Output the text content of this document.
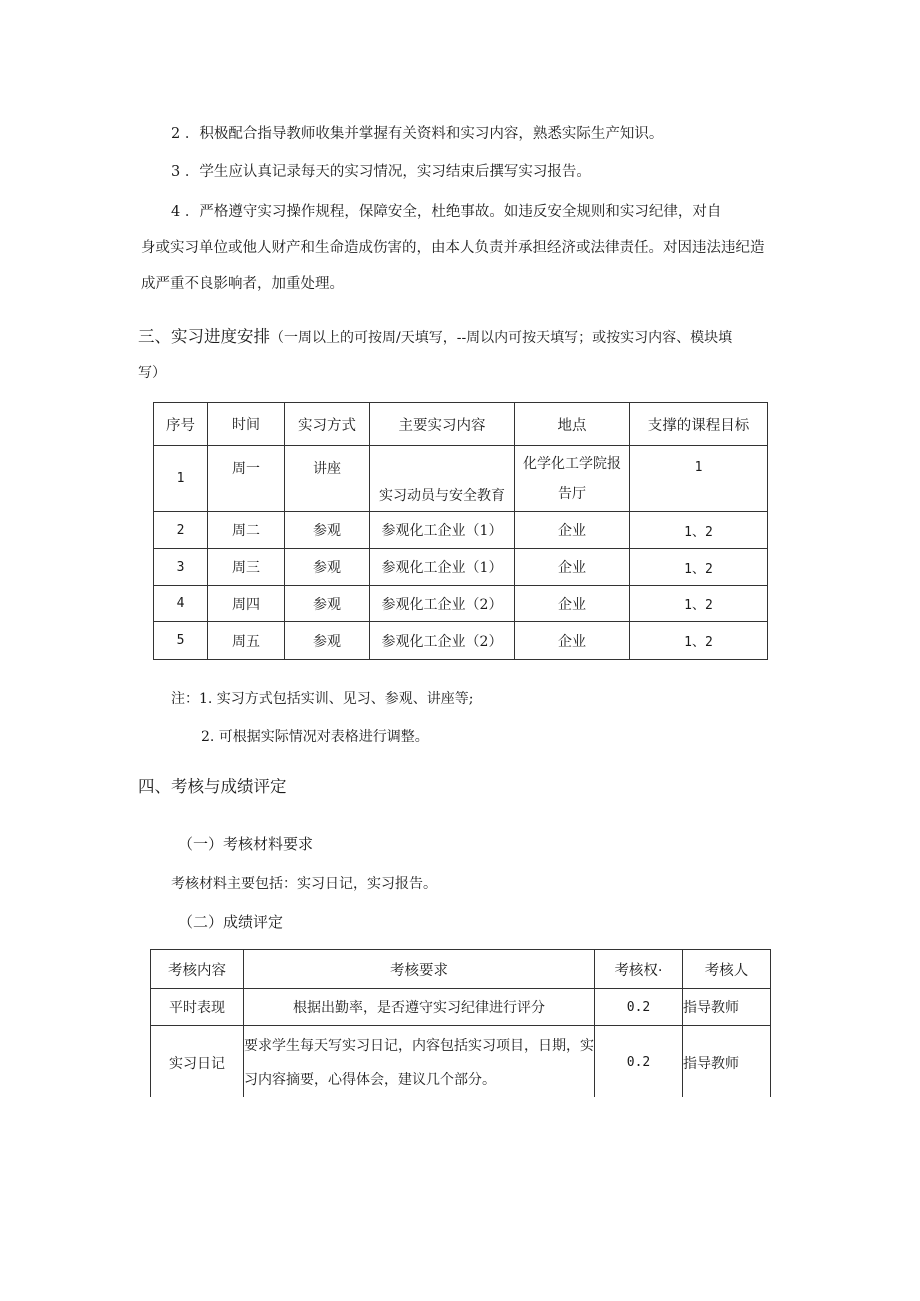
2 ．积极配合指导教师收集并掌握有关资料和实习内容，熟悉实际生产知识。
3 ．学生应认真记录每天的实习情况，实习结束后撰写实习报告。
4 ．严格遵守实习操作规程，保障安全，杜绝事故。如违反安全规则和实习纪律，对自
身或实习单位或他人财产和生命造成伤害的，由本人负责并承担经济或法律责任。对因违法违纪造
成严重不良影响者，加重处理。
三、实习进度安排（一周以上的可按周/天填写，--周以内可按天填写；或按实习内容、模块填
写）
序号	时间	实习方式	主要实习内容	地点	支撑的课程目标
1	周一	讲座	实习动员与安全教育	化学化工学院报告厅	1
2	周二	参观	参观化工企业（1）	企业	1、2
3	周三	参观	参观化工企业（1）	企业	1、2
4	周四	参观	参观化工企业（2）	企业	1、2
5	周五	参观	参观化工企业（2）	企业	1、2
注：1. 实习方式包括实训、见习、参观、讲座等;
2. 可根据实际情况对表格进行调整。
四、考核与成绩评定
（一）考核材料要求
考核材料主要包括：实习日记，实习报告。
（二）成绩评定
考核内容	考核要求	考核权·	考核人
平时表现	根据出勤率，是否遵守实习纪律进行评分	0.2	指导教师
实习日记	要求学生每天写实习日记，内容包括实习项目，日期，实习内容摘要，心得体会，建议几个部分。	0.2	指导教师
